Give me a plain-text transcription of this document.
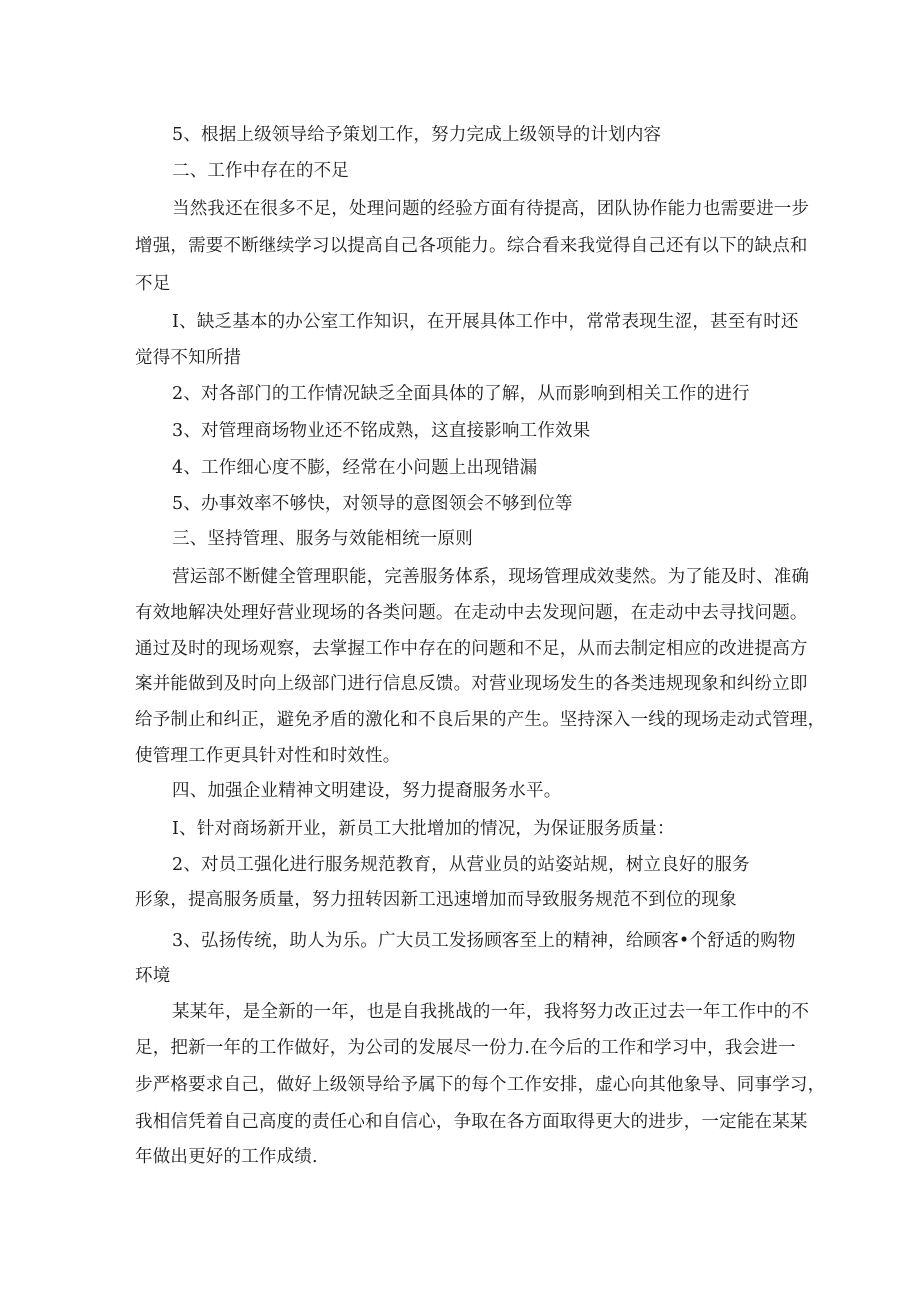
5、根据上级领导给予策划工作，努力完成上级领导的计划内容

二、工作中存在的不足

当然我还在很多不足，处理问题的经验方面有待提高，团队协作能力也需要进一步

增强，需要不断继续学习以提高自己各项能力。综合看来我觉得自己还有以下的缺点和

不足

I、缺乏基本的办公室工作知识，在开展具体工作中，常常表现生涩，甚至有时还

觉得不知所措

2、对各部门的工作情况缺乏全面具体的了解，从而影响到相关工作的进行

3、对管理商场物业还不铭成熟，这直接影响工作效果

4、工作细心度不膨，经常在小问题上出现错漏

5、办事效率不够快，对领导的意图领会不够到位等

三、坚持管理、服务与效能相统一原则

营运部不断健全管理职能，完善服务体系，现场管理成效斐然。为了能及时、准确

有效地解决处理好营业现场的各类问题。在走动中去发现问题，在走动中去寻找问题。

通过及时的现场观察，去掌握工作中存在的问题和不足，从而去制定相应的改进提高方

案并能做到及时向上级部门进行信息反馈。对营业现场发生的各类违规现象和纠纷立即

给予制止和纠正，避免矛盾的激化和不良后果的产生。坚持深入一线的现场走动式管理，

使管理工作更具针对性和时效性。

四、加强企业精神文明建设，努力提裔服务水平。

I、针对商场新开业，新员工大批增加的情况，为保证服务质量：

2、对员工强化进行服务规范教育，从营业员的站姿站规，树立良好的服务

形象，提高服务质量，努力扭转因新工迅速增加而导致服务规范不到位的现象

3、弘扬传统，助人为乐。广大员工发扬顾客至上的精神，给顾客•个舒适的购物

环境

某某年，是全新的一年，也是自我挑战的一年，我将努力改正过去一年工作中的不

足，把新一年的工作做好，为公司的发展尽一份力.在今后的工作和学习中，我会进一

步严格要求自己，做好上级领导给予属下的每个工作安排，虚心向其他象导、同事学习，

我相信凭着自己高度的责任心和自信心，争取在各方面取得更大的进步，一定能在某某

年做出更好的工作成绩.
